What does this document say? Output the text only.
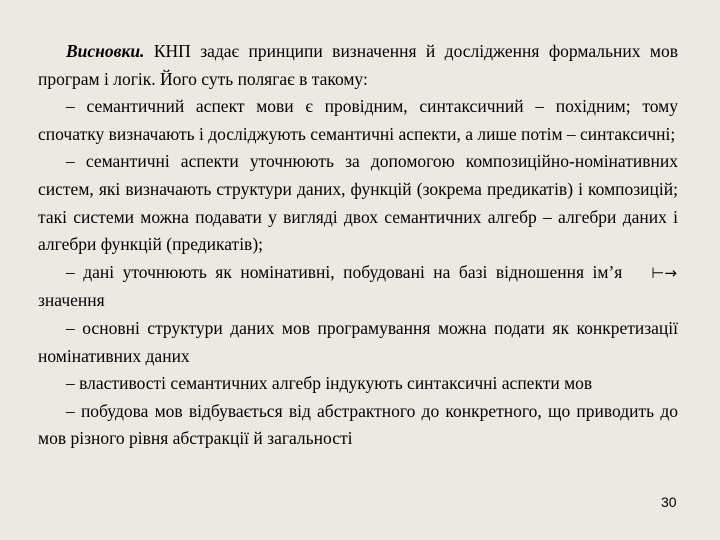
Висновки. КНП задає принципи визначення й дослідження формальних мов програм і логік. Його суть полягає в такому:

– семантичний аспект мови є провідним, синтаксичний – похідним; тому спочатку визначають і досліджують семантичні аспекти, а лише потім – синтаксичні;

– семантичні аспекти уточнюють за допомогою композиційно-номінативних систем, які визначають структури даних, функцій (зокрема предикатів) і композицій; такі системи можна подавати у вигляді двох семантичних алгебр – алгебри даних і алгебри функцій (предикатів);

– дані уточнюють як номінативні, побудовані на базі відношення ім’я ⊢→значення

– основні структури даних мов програмування можна подати як конкретизації номінативних даних

– властивості семантичних алгебр індукують синтаксичні аспекти мов

– побудова мов відбувається від абстрактного до конкретного, що приводить до мов різного рівня абстракції й загальності

30
